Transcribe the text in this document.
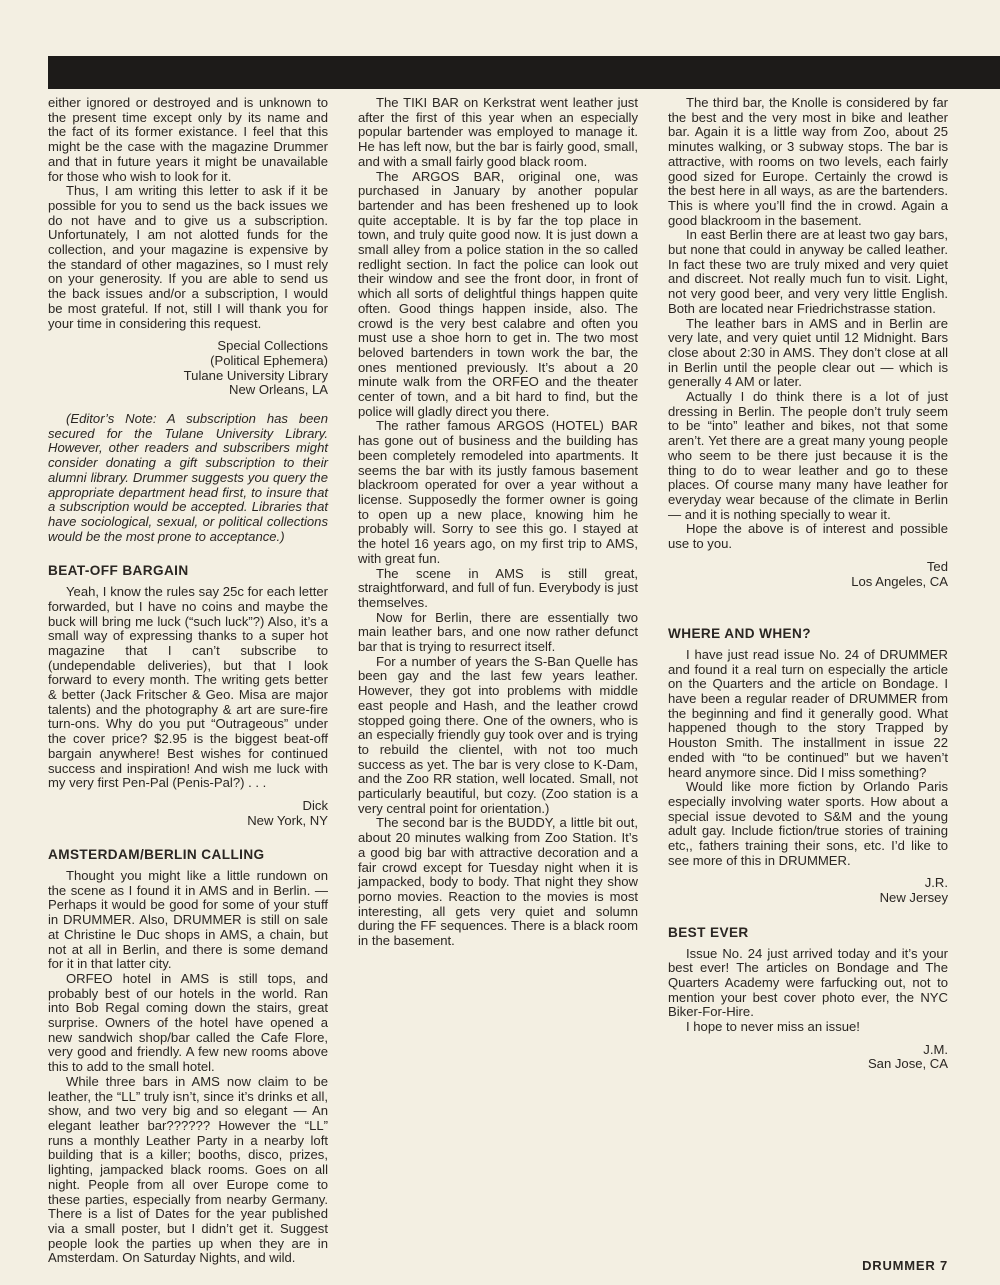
either ignored or destroyed and is unknown to the present time except only by its name and the fact of its former existance. I feel that this might be the case with the magazine Drummer and that in future years it might be unavailable for those who wish to look for it.

Thus, I am writing this letter to ask if it be possible for you to send us the back issues we do not have and to give us a subscription. Unfortunately, I am not alotted funds for the collection, and your magazine is expensive by the standard of other magazines, so I must rely on your generosity. If you are able to send us the back issues and/or a subscription, I would be most grateful. If not, still I will thank you for your time in considering this request.

Special Collections
(Political Ephemera)
Tulane University Library
New Orleans, LA

(Editor’s Note: A subscription has been secured for the Tulane University Library. However, other readers and subscribers might consider donating a gift subscription to their alumni library. Drummer suggests you query the appropriate department head first, to insure that a subscription would be accepted. Libraries that have sociological, sexual, or political collections would be the most prone to acceptance.)

BEAT-OFF BARGAIN

Yeah, I know the rules say 25c for each letter forwarded, but I have no coins and maybe the buck will bring me luck (“such luck”?) Also, it’s a small way of expressing thanks to a super hot magazine that I can’t subscribe to (undependable deliveries), but that I look forward to every month. The writing gets better & better (Jack Fritscher & Geo. Misa are major talents) and the photography & art are sure-fire turn-ons. Why do you put “Outrageous” under the cover price? $2.95 is the biggest beat-off bargain anywhere! Best wishes for continued success and inspiration! And wish me luck with my very first Pen-Pal (Penis-Pal?) . . .

Dick
New York, NY
AMSTERDAM/BERLIN CALLING

Thought you might like a little rundown on the scene as I found it in AMS and in Berlin. — Perhaps it would be good for some of your stuff in DRUMMER. Also, DRUMMER is still on sale at Christine le Duc shops in AMS, a chain, but not at all in Berlin, and there is some demand for it in that latter city.

ORFEO hotel in AMS is still tops, and probably best of our hotels in the world. Ran into Bob Regal coming down the stairs, great surprise. Owners of the hotel have opened a new sandwich shop/bar called the Cafe Flore, very good and friendly. A few new rooms above this to add to the small hotel.

While three bars in AMS now claim to be leather, the “LL” truly isn’t, since it’s drinks et all, show, and two very big and so elegant — An elegant leather bar?????? However the “LL” runs a monthly Leather Party in a nearby loft building that is a killer; booths, disco, prizes, lighting, jampacked black rooms. Goes on all night. People from all over Europe come to these parties, especially from nearby Germany. There is a list of Dates for the year published via a small poster, but I didn’t get it. Suggest people look the parties up when they are in Amsterdam. On Saturday Nights, and wild.

The TIKI BAR on Kerkstrat went leather just after the first of this year when an especially popular bartender was employed to manage it. He has left now, but the bar is fairly good, small, and with a small fairly good black room.

The ARGOS BAR, original one, was purchased in January by another popular bartender and has been freshened up to look quite acceptable. It is by far the top place in town, and truly quite good now. It is just down a small alley from a police station in the so called redlight section. In fact the police can look out their window and see the front door, in front of which all sorts of delightful things happen quite often. Good things happen inside, also. The crowd is the very best calabre and often you must use a shoe horn to get in. The two most beloved bartenders in town work the bar, the ones mentioned previously. It’s about a 20 minute walk from the ORFEO and the theater center of town, and a bit hard to find, but the police will gladly direct you there.

The rather famous ARGOS (HOTEL) BAR has gone out of business and the building has been completely remodeled into apartments. It seems the bar with its justly famous basement blackroom operated for over a year without a license. Supposedly the former owner is going to open up a new place, knowing him he probably will. Sorry to see this go. I stayed at the hotel 16 years ago, on my first trip to AMS, with great fun.

The scene in AMS is still great, straightforward, and full of fun. Everybody is just themselves.

Now for Berlin, there are essentially two main leather bars, and one now rather defunct bar that is trying to resurrect itself.

For a number of years the S-Ban Quelle has been gay and the last few years leather. However, they got into problems with middle east people and Hash, and the leather crowd stopped going there. One of the owners, who is an especially friendly guy took over and is trying to rebuild the clientel, with not too much success as yet. The bar is very close to K-Dam, and the Zoo RR station, well located. Small, not particularly beautiful, but cozy. (Zoo station is a very central point for orientation.)

The second bar is the BUDDY, a little bit out, about 20 minutes walking from Zoo Station. It’s a good big bar with attractive decoration and a fair crowd except for Tuesday night when it is jampacked, body to body. That night they show porno movies. Reaction to the movies is most interesting, all gets very quiet and solumn during the FF sequences. There is a black room in the basement.

The third bar, the Knolle is considered by far the best and the very most in bike and leather bar. Again it is a little way from Zoo, about 25 minutes walking, or 3 subway stops. The bar is attractive, with rooms on two levels, each fairly good sized for Europe. Certainly the crowd is the best here in all ways, as are the bartenders. This is where you’ll find the in crowd. Again a good blackroom in the basement.

In east Berlin there are at least two gay bars, but none that could in anyway be called leather. In fact these two are truly mixed and very quiet and discreet. Not really much fun to visit. Light, not very good beer, and very very little English. Both are located near Friedrichstrasse station.

The leather bars in AMS and in Berlin are very late, and very quiet until 12 Midnight. Bars close about 2:30 in AMS. They don’t close at all in Berlin until the people clear out — which is generally 4 AM or later.

Actually I do think there is a lot of just dressing in Berlin. The people don’t truly seem to be “into” leather and bikes, not that some aren’t. Yet there are a great many young people who seem to be there just because it is the thing to do to wear leather and go to these places. Of course many many have leather for everyday wear because of the climate in Berlin — and it is nothing specially to wear it.

Hope the above is of interest and possible use to you.

Ted
Los Angeles, CA
WHERE AND WHEN?

I have just read issue No. 24 of DRUMMER and found it a real turn on especially the article on the Quarters and the article on Bondage. I have been a regular reader of DRUMMER from the beginning and find it generally good. What happened though to the story Trapped by Houston Smith. The installment in issue 22 ended with “to be continued” but we haven’t heard anymore since. Did I miss something?

Would like more fiction by Orlando Paris especially involving water sports. How about a special issue devoted to S&M and the young adult gay. Include fiction/true stories of training etc,, fathers training their sons, etc. I’d like to see more of this in DRUMMER.

J.R.
New Jersey
BEST EVER

Issue No. 24 just arrived today and it’s your best ever! The articles on Bondage and The Quarters Academy were farfucking out, not to mention your best cover photo ever, the NYC Biker-For-Hire.

I hope to never miss an issue!

J.M.
San Jose, CA
DRUMMER 7
